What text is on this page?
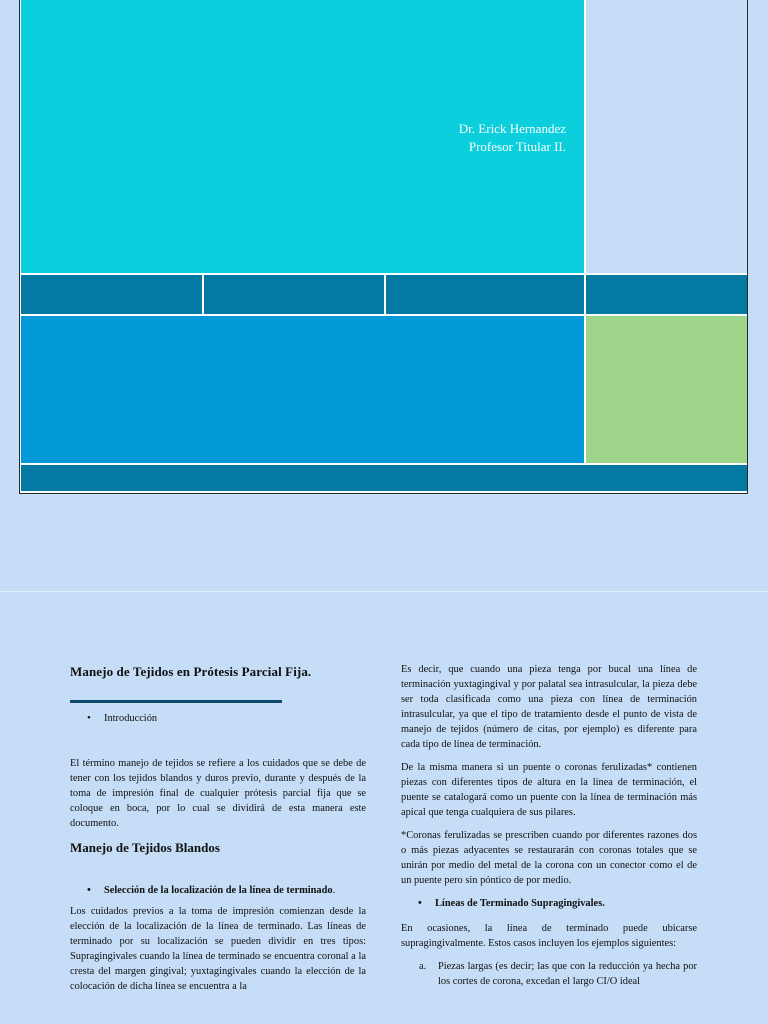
Dr. Erick Hernandez
Profesor Titular II.
Manejo de Tejidos en Prótesis Parcial Fija.
• Introducción

El término manejo de tejidos se refiere a los cuidados que se debe de tener con los tejidos blandos y duros previo, durante y después de la toma de impresión final de cualquier prótesis parcial fija que se coloque en boca, por lo cual se dividirá de esta manera este documento.

Manejo de Tejidos Blandos
• Selección de la localización de la línea de terminado.

Los cuidados previos a la toma de impresión comienzan desde la elección de la localización de la línea de terminado. Las líneas de terminado por su localización se pueden dividir en tres tipos: Supragingivales cuando la línea de terminado se encuentra coronal a la cresta del margen gingival; yuxtagingivales cuando la elección de la colocación de dicha línea se encuentra a la

Es decir, que cuando una pieza tenga por bucal una línea de terminación yuxtagingival y por palatal sea intrasulcular, la pieza debe ser toda clasificada como una pieza con línea de terminación intrasulcular, ya que el tipo de tratamiento desde el punto de vista de manejo de tejidos (número de citas, por ejemplo) es diferente para cada tipo de línea de terminación.

De la misma manera si un puente o coronas ferulizadas* contienen piezas con diferentes tipos de altura en la línea de terminación, el puente se catalogará como un puente con la línea de terminación más apical que tenga cualquiera de sus pilares.

*Coronas ferulizadas se prescriben cuando por diferentes razones dos o más piezas adyacentes se restaurarán con coronas totales que se unirán por medio del metal de la corona con un conector como el de un puente pero sin póntico de por medio.

• Líneas de Terminado Supragingivales.

En ocasiones, la línea de terminado puede ubicarse supragingivalmente. Estos casos incluyen los ejemplos siguientes:

a. Piezas largas (es decir; las que con la reducción ya hecha por los cortes de corona, excedan el largo CI/O ideal
